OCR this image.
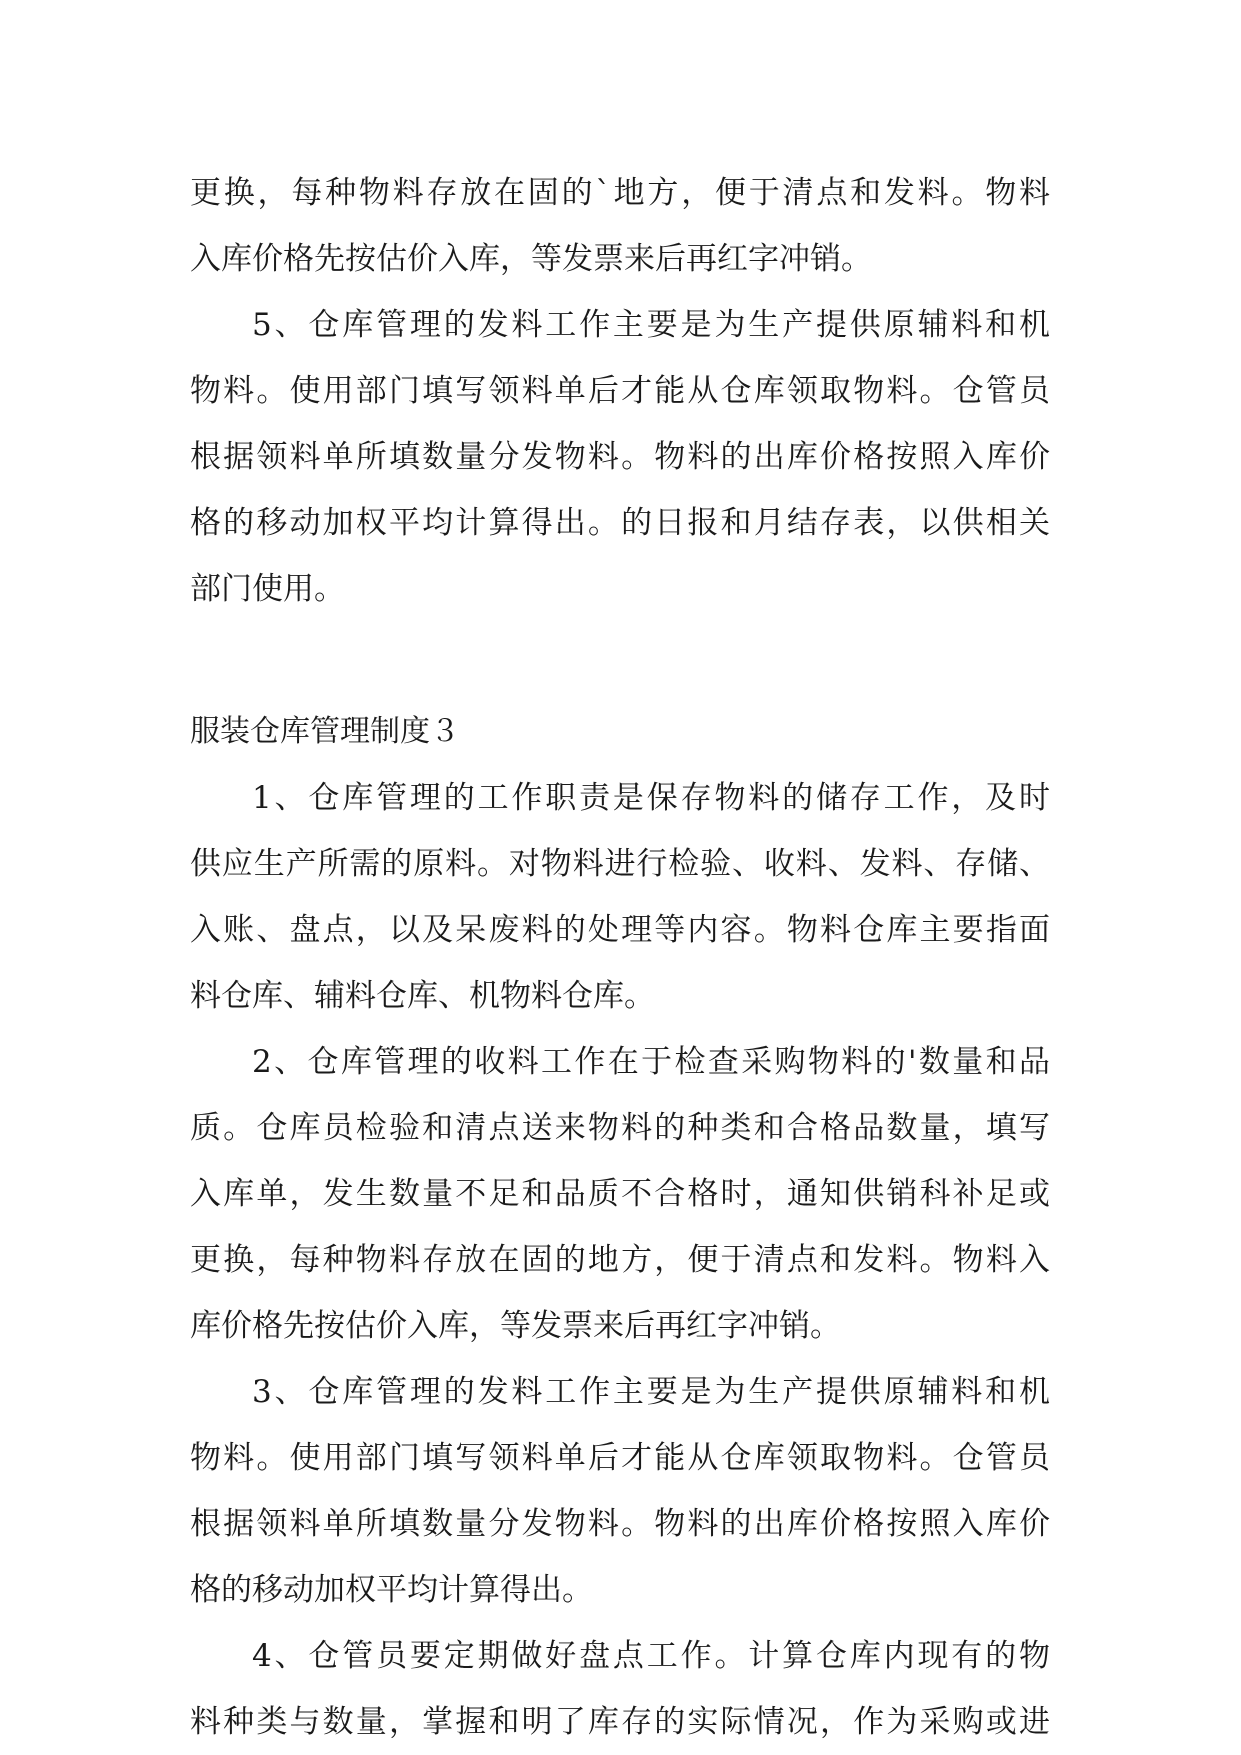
更换，每种物料存放在固的`地方，便于清点和发料。物料
入库价格先按估价入库，等发票来后再红字冲销。
5、仓库管理的发料工作主要是为生产提供原辅料和机
物料。使用部门填写领料单后才能从仓库领取物料。仓管员
根据领料单所填数量分发物料。物料的出库价格按照入库价
格的移动加权平均计算得出。的日报和月结存表，以供相关
部门使用。
服装仓库管理制度３
1、仓库管理的工作职责是保存物料的储存工作，及时
供应生产所需的原料。对物料进行检验、收料、发料、存储、
入账、盘点，以及呆废料的处理等内容。物料仓库主要指面
料仓库、辅料仓库、机物料仓库。
2、仓库管理的收料工作在于检查采购物料的'数量和品
质。仓库员检验和清点送来物料的种类和合格品数量，填写
入库单，发生数量不足和品质不合格时，通知供销科补足或
更换，每种物料存放在固的地方，便于清点和发料。物料入
库价格先按估价入库，等发票来后再红字冲销。
3、仓库管理的发料工作主要是为生产提供原辅料和机
物料。使用部门填写领料单后才能从仓库领取物料。仓管员
根据领料单所填数量分发物料。物料的出库价格按照入库价
格的移动加权平均计算得出。
4、仓管员要定期做好盘点工作。计算仓库内现有的物
料种类与数量，掌握和明了库存的实际情况，作为采购或进
